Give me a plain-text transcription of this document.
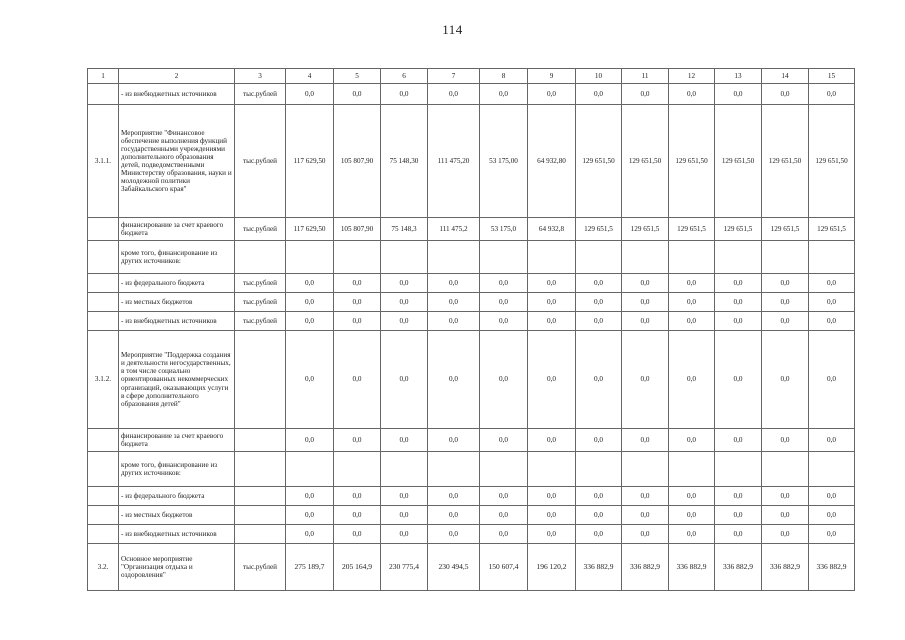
114
1	2	3	4	5	6	7	8	9	10	11	12	13	14	15
	- из внебюджетных источников	тыс.рублей	0,0	0,0	0,0	0,0	0,0	0,0	0,0	0,0	0,0	0,0	0,0	0,0
3.1.1.	Мероприятие "Финансовое обеспечение выполнения функций государственными учреждениями дополнительного образования детей, подведомственными Министерству образования, науки и молодежной политики Забайкальского края"	тыс.рублей	117 629,50	105 807,90	75 148,30	111 475,20	53 175,00	64 932,80	129 651,50	129 651,50	129 651,50	129 651,50	129 651,50	129 651,50
	финансирование за счет краевого бюджета	тыс.рублей	117 629,50	105 807,90	75 148,3	111 475,2	53 175,0	64 932,8	129 651,5	129 651,5	129 651,5	129 651,5	129 651,5	129 651,5
	кроме того, финансирование из других источников:													
	- из федерального бюджета	тыс.рублей	0,0	0,0	0,0	0,0	0,0	0,0	0,0	0,0	0,0	0,0	0,0	0,0
	- из местных бюджетов	тыс.рублей	0,0	0,0	0,0	0,0	0,0	0,0	0,0	0,0	0,0	0,0	0,0	0,0
	- из внебюджетных источников	тыс.рублей	0,0	0,0	0,0	0,0	0,0	0,0	0,0	0,0	0,0	0,0	0,0	0,0
3.1.2.	Мероприятие "Поддержка создания и деятельности негосударственных, в том числе социально ориентированных некоммерческих организаций, оказывающих услуги в сфере дополнительного образования детей"		0,0	0,0	0,0	0,0	0,0	0,0	0,0	0,0	0,0	0,0	0,0	0,0
	финансирование за счет краевого бюджета		0,0	0,0	0,0	0,0	0,0	0,0	0,0	0,0	0,0	0,0	0,0	0,0
	кроме того, финансирование из других источников:													
	- из федерального бюджета		0,0	0,0	0,0	0,0	0,0	0,0	0,0	0,0	0,0	0,0	0,0	0,0
	- из местных бюджетов		0,0	0,0	0,0	0,0	0,0	0,0	0,0	0,0	0,0	0,0	0,0	0,0
	- из внебюджетных источников		0,0	0,0	0,0	0,0	0,0	0,0	0,0	0,0	0,0	0,0	0,0	0,0
3.2.	Основное мероприятие "Организация отдыха и оздоровления"	тыс.рублей	275 189,7	205 164,9	230 775,4	230 494,5	150 607,4	196 120,2	336 882,9	336 882,9	336 882,9	336 882,9	336 882,9	336 882,9
